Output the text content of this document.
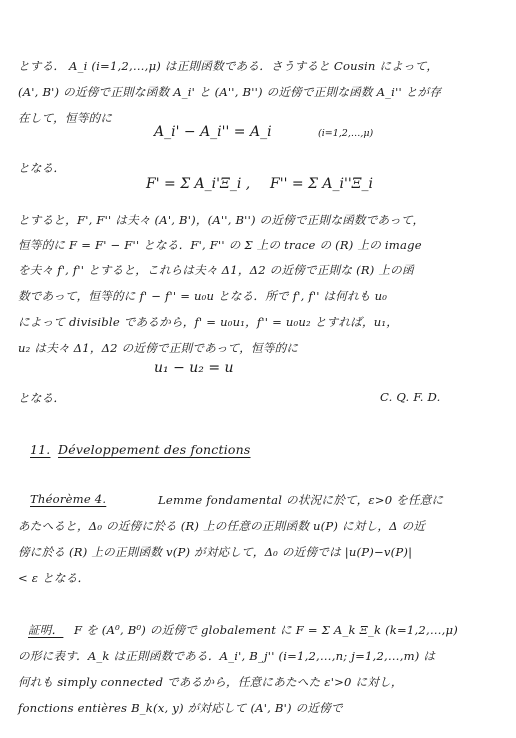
とする． A_i (i=1,2,…,μ) は正則函数である．さうすると Cousin によって，
(A', B') の近傍で正則な函数 A_i' と (A'', B'') の近傍で正則な函数 A_i'' とが存
在して，恒等的に
A_i' − A_i'' = A_i	(i=1,2,…,μ)
となる．
F' = Σ A_i'Ξ_i , F'' = Σ A_i''Ξ_i
とすると，F', F'' は夫々 (A', B')，(A'', B'') の近傍で正則な函数であって，
恒等的に F = F' − F'' となる．F', F'' の Σ 上の trace の (R) 上の image
を夫々 f', f'' とすると，これらは夫々 Δ1，Δ2 の近傍で正則な (R) 上の函
数であって，恒等的に f' − f'' = u₀u となる．所で f', f'' は何れも u₀
によって divisible であるから，f' = u₀u₁，f'' = u₀u₂ とすれば，u₁，
u₂ は夫々 Δ1，Δ2 の近傍で正則であって，恒等的に
u₁ − u₂ = u
となる．	C. Q. F. D.
11. Développement des fonctions
Théorème 4.	Lemme fondamental の状況に於て，ε>0 を任意に
あたへると，Δ₀ の近傍に於る (R) 上の任意の正則函数 u(P) に対し，Δ の近
傍に於る (R) 上の正則函数 v(P) が対応して，Δ₀ の近傍では |u(P)−v(P)|
< ε となる．
証明． F を (A⁰, B⁰) の近傍で globalement に F = Σ A_k Ξ_k (k=1,2,…,μ)
の形に表す．A_k は正則函数である．A_i', B_j'' (i=1,2,…,n; j=1,2,…,m) は
何れも simply connected であるから，任意にあたへた ε'>0 に対し，
fonctions entières B_k(x, y) が対応して (A', B') の近傍で
